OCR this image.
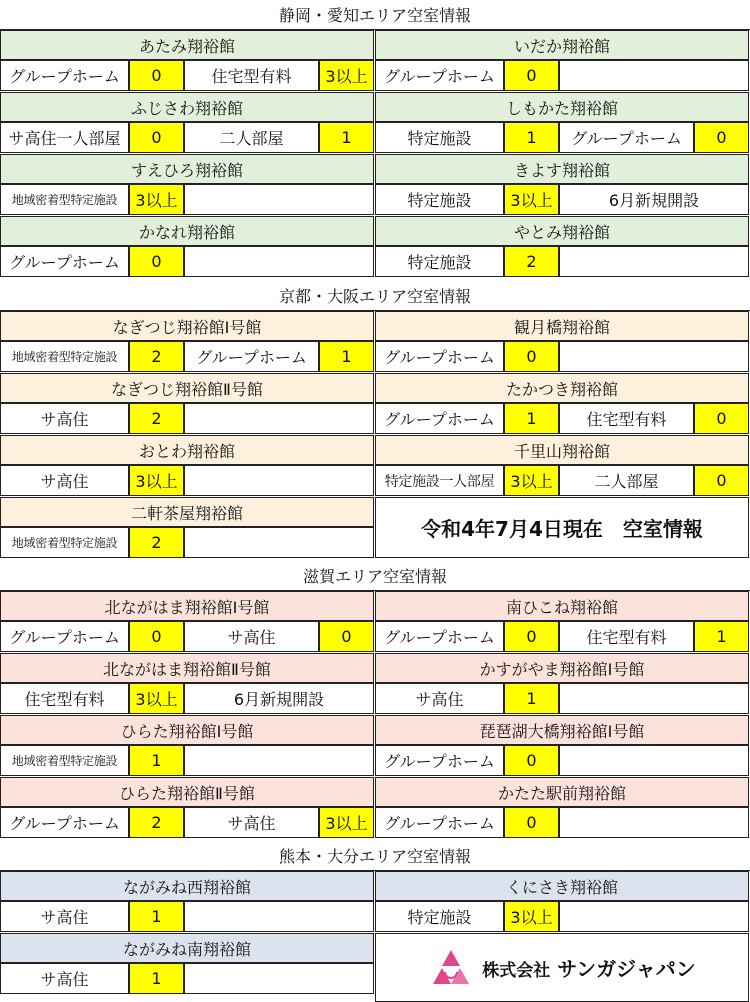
静岡・愛知エリア空室情報
あたみ翔裕館
グループホーム	0	住宅型有料	3以上
いだか翔裕館
グループホーム	0
ふじさわ翔裕館
サ高住一人部屋	0	二人部屋	1
しもかた翔裕館
特定施設	1	グループホーム	0
すえひろ翔裕館
地域密着型特定施設	3以上
きよす翔裕館
特定施設	3以上	6月新規開設
かなれ翔裕館
グループホーム	0
やとみ翔裕館
特定施設	2
京都・大阪エリア空室情報
なぎつじ翔裕館Ⅰ号館
地域密着型特定施設	2	グループホーム	1
観月橋翔裕館
グループホーム	0
なぎつじ翔裕館Ⅱ号館
サ高住	2
たかつき翔裕館
グループホーム	1	住宅型有料	0
おとわ翔裕館
サ高住	3以上
千里山翔裕館
特定施設一人部屋	3以上	二人部屋	0
二軒茶屋翔裕館
地域密着型特定施設	2
令和4年7月4日現在　空室情報
滋賀エリア空室情報
北ながはま翔裕館Ⅰ号館
グループホーム	0	サ高住	0
南ひこね翔裕館
グループホーム	0	住宅型有料	1
北ながはま翔裕館Ⅱ号館
住宅型有料	3以上	6月新規開設
かすがやま翔裕館Ⅰ号館
サ高住	1
ひらた翔裕館Ⅰ号館
地域密着型特定施設	1
琵琶湖大橋翔裕館Ⅰ号館
グループホーム	0
ひらた翔裕館Ⅱ号館
グループホーム	2	サ高住	3以上
かたた駅前翔裕館
グループホーム	0
熊本・大分エリア空室情報
ながみね西翔裕館
サ高住	1
くにさき翔裕館
特定施設	3以上
ながみね南翔裕館
サ高住	1	株式会社 サンガジャパン
